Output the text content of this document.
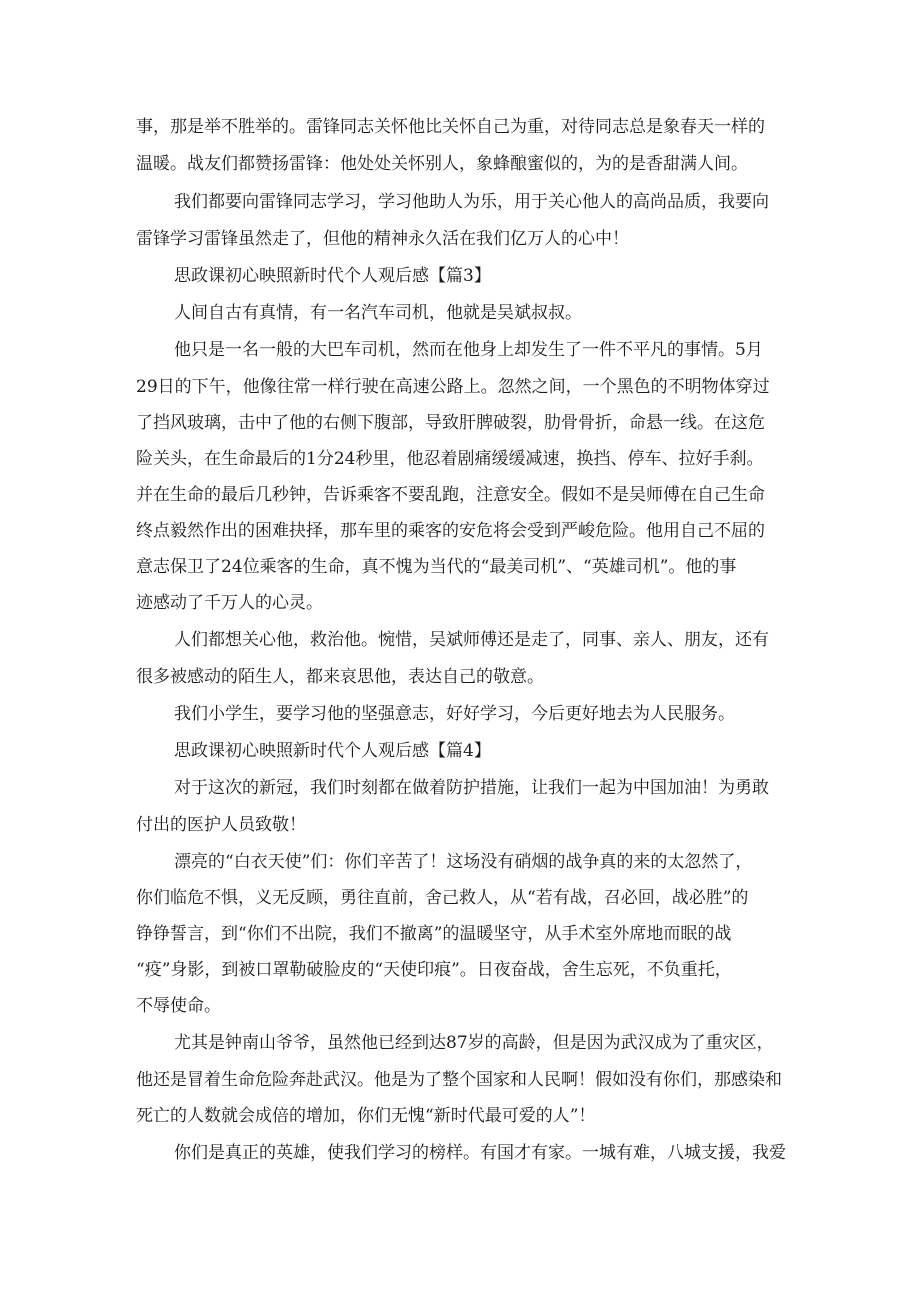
事，那是举不胜举的。雷锋同志关怀他比关怀自己为重，对待同志总是象春天一样的
温暖。战友们都赞扬雷锋：他处处关怀别人，象蜂酿蜜似的，为的是香甜满人间。
我们都要向雷锋同志学习，学习他助人为乐，用于关心他人的高尚品质，我要向
雷锋学习雷锋虽然走了，但他的精神永久活在我们亿万人的心中！
思政课初心映照新时代个人观后感【篇3】
人间自古有真情，有一名汽车司机，他就是吴斌叔叔。
他只是一名一般的大巴车司机，然而在他身上却发生了一件不平凡的事情。5月
29日的下午，他像往常一样行驶在高速公路上。忽然之间，一个黑色的不明物体穿过
了挡风玻璃，击中了他的右侧下腹部，导致肝脾破裂，肋骨骨折，命悬一线。在这危
险关头，在生命最后的1分24秒里，他忍着剧痛缓缓减速，换挡、停车、拉好手刹。
并在生命的最后几秒钟，告诉乘客不要乱跑，注意安全。假如不是吴师傅在自己生命
终点毅然作出的困难抉择，那车里的乘客的安危将会受到严峻危险。他用自己不屈的
意志保卫了24位乘客的生命，真不愧为当代的“最美司机”、“英雄司机”。他的事
迹感动了千万人的心灵。
人们都想关心他，救治他。惋惜，吴斌师傅还是走了，同事、亲人、朋友，还有
很多被感动的陌生人，都来哀思他，表达自己的敬意。
我们小学生，要学习他的坚强意志，好好学习，今后更好地去为人民服务。
思政课初心映照新时代个人观后感【篇4】
对于这次的新冠，我们时刻都在做着防护措施，让我们一起为中国加油！为勇敢
付出的医护人员致敬！
漂亮的“白衣天使”们：你们辛苦了！这场没有硝烟的战争真的来的太忽然了，
你们临危不惧，义无反顾，勇往直前，舍己救人，从“若有战，召必回，战必胜”的
铮铮誓言，到“你们不出院，我们不撤离”的温暖坚守，从手术室外席地而眠的战
“疫”身影，到被口罩勒破脸皮的“天使印痕”。日夜奋战，舍生忘死，不负重托，
不辱使命。
尤其是钟南山爷爷，虽然他已经到达87岁的高龄，但是因为武汉成为了重灾区，
他还是冒着生命危险奔赴武汉。他是为了整个国家和人民啊！假如没有你们，那感染和
死亡的人数就会成倍的增加，你们无愧“新时代最可爱的人”！
你们是真正的英雄，使我们学习的榜样。有国才有家。一城有难，八城支援，我爱
